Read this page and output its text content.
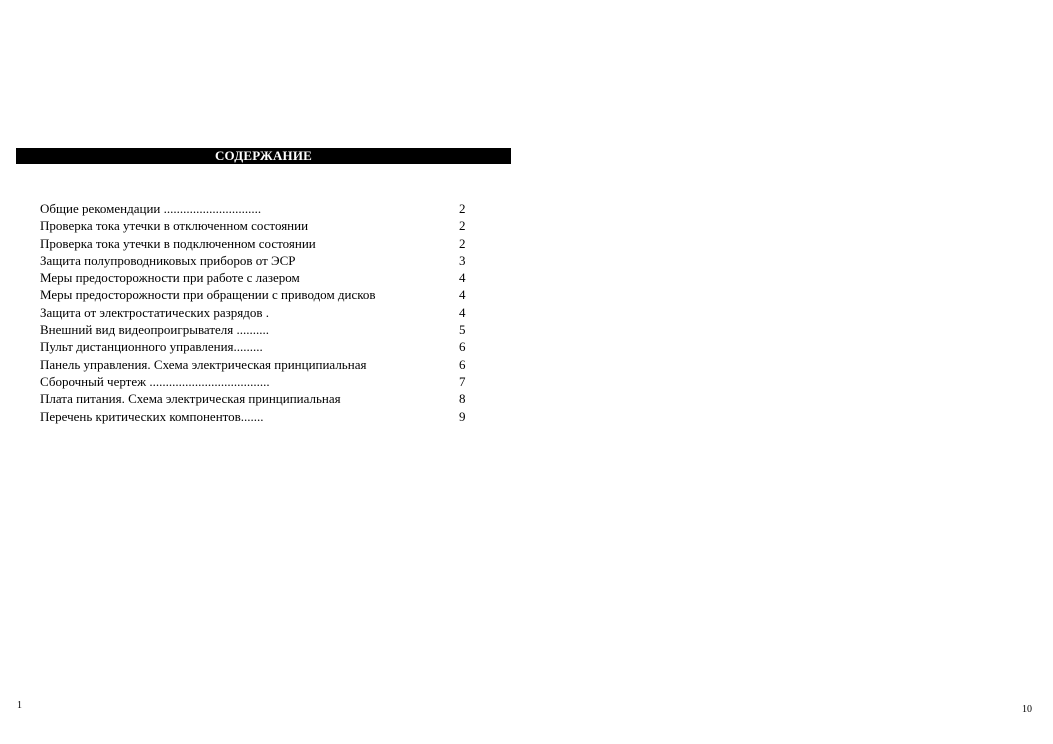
СОДЕРЖАНИЕ
Общие рекомендации ..............................	2
Проверка тока утечки в отключенном состоянии	2
Проверка тока утечки в подключенном состоянии	2
Защита полупроводниковых приборов от ЭСР	3
Меры предосторожности при работе с лазером	4
Меры предосторожности при обращении с приводом дисков	4
Защита от электростатических разрядов .	4
Внешний вид видеопроигрывателя ..........	5
Пульт дистанционного управления.........	6
Панель управления. Схема электрическая принципиальная	6
Сборочный чертеж .....................................	7
Плата питания. Схема электрическая принципиальная	8
Перечень критических компонентов.......	9
1	10
